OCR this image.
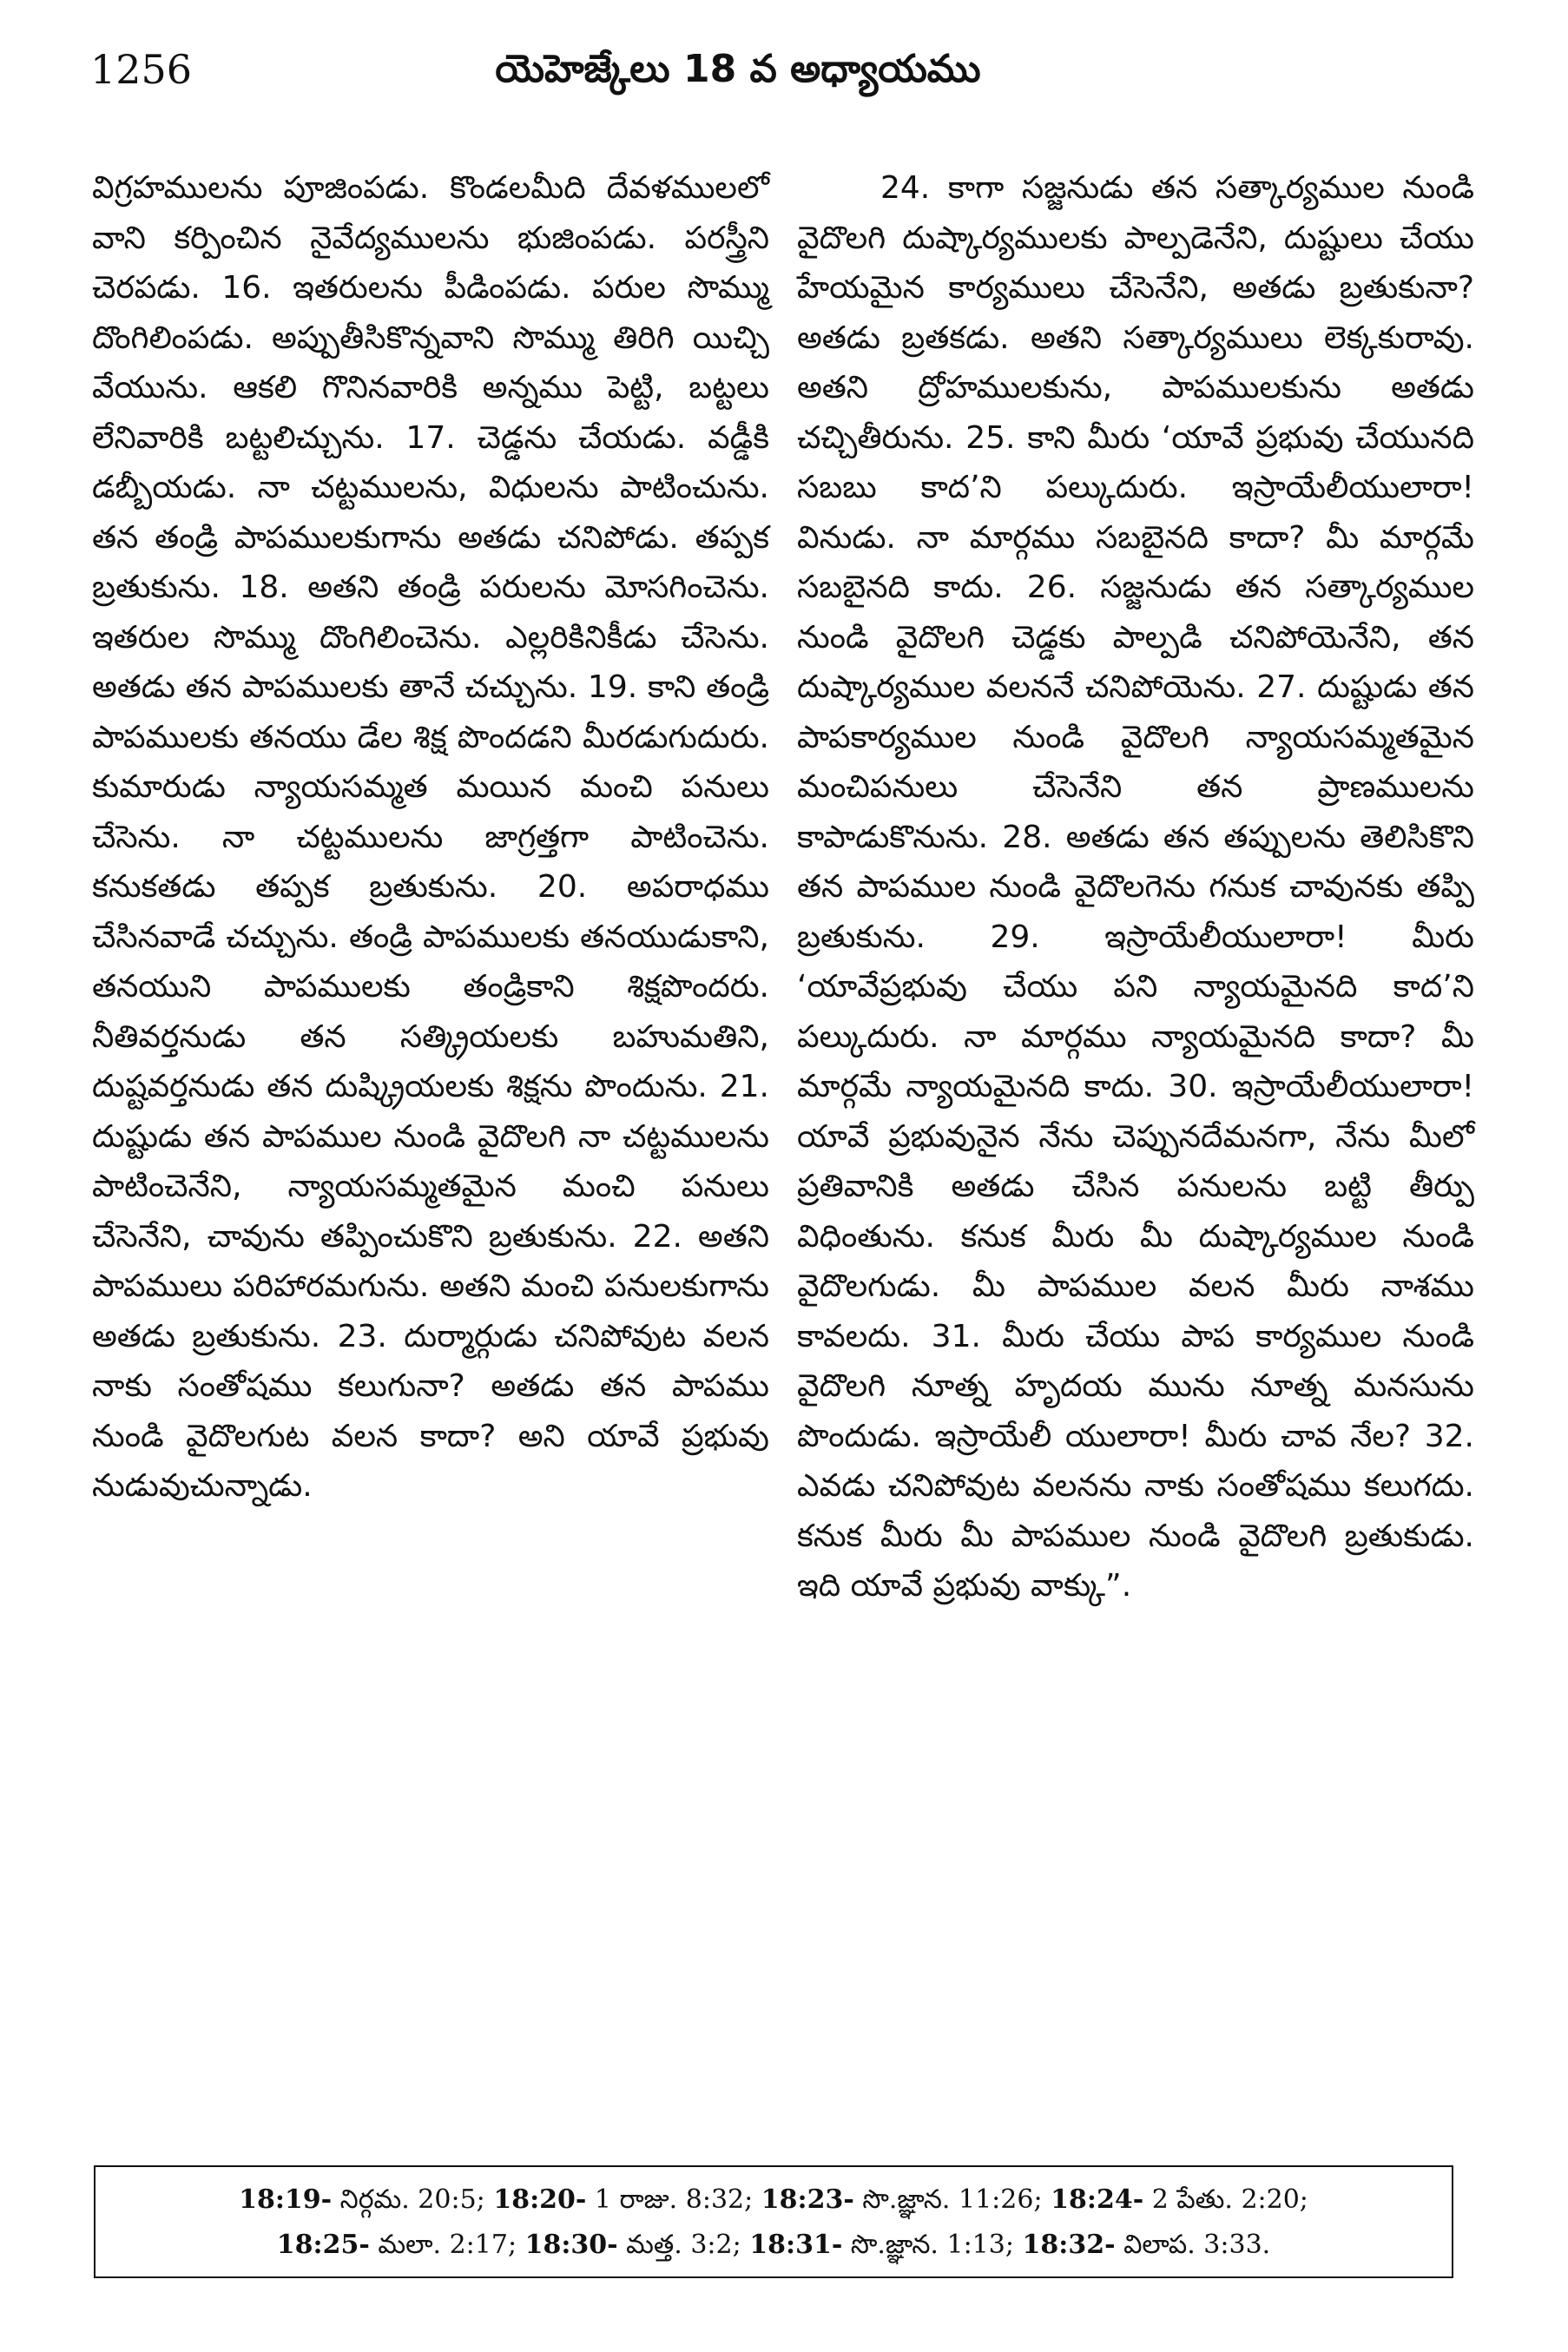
1256	యెహెజ్కేలు 18 వ అధ్యాయము
విగ్రహములను పూజింపడు. కొండలమీది దేవళములలో వాని కర్పించిన నైవేద్యములను భుజింపడు. పరస్త్రీని చెరపడు. 16. ఇతరులను పీడింపడు. పరుల సొమ్ము దొంగిలింపడు. అప్పుతీసికొన్నవాని సొమ్ము తిరిగి యిచ్చి వేయును. ఆకలి గొనినవారికి అన్నము పెట్టి, బట్టలు లేనివారికి బట్టలిచ్చును. 17. చెడ్డను చేయడు. వడ్డీకి డబ్బీయడు. నా చట్టములను, విధులను పాటించును. తన తండ్రి పాపములకుగాను అతడు చనిపోడు. తప్పక బ్రతుకును. 18. అతని తండ్రి పరులను మోసగించెను. ఇతరుల సొమ్ము దొంగిలించెను. ఎల్లరికినికీడు చేసెను. అతడు తన పాపములకు తానే చచ్చును. 19. కాని తండ్రి పాపములకు తనయు డేల శిక్ష పొందడని మీరడుగుదురు. కుమారుడు న్యాయసమ్మత మయిన మంచి పనులు చేసెను. నా చట్టములను జాగ్రత్తగా పాటించెను. కనుకతడు తప్పక బ్రతుకును. 20. అపరాధము చేసినవాడే చచ్చును. తండ్రి పాపములకు తనయుడుకాని, తనయుని పాపములకు తండ్రికాని శిక్షపొందరు. నీతివర్తనుడు తన సత్క్రియలకు బహుమతిని, దుష్టవర్తనుడు తన దుష్క్రియలకు శిక్షను పొందును. 21. దుష్టుడు తన పాపముల నుండి వైదొలగి నా చట్టములను పాటించెనేని, న్యాయసమ్మతమైన మంచి పనులు చేసెనేని, చావును తప్పించుకొని బ్రతుకును. 22. అతని పాపములు పరిహారమగును. అతని మంచి పనులకుగాను అతడు బ్రతుకును. 23. దుర్మార్గుడు చనిపోవుట వలన నాకు సంతోషము కలుగునా? అతడు తన పాపము నుండి వైదొలగుట వలన కాదా? అని యావే ప్రభువు నుడువుచున్నాడు.
24. కాగా సజ్జనుడు తన సత్కార్యముల నుండి వైదొలగి దుష్కార్యములకు పాల్పడెనేని, దుష్టులు చేయు హేయమైన కార్యములు చేసెనేని, అతడు బ్రతుకునా? అతడు బ్రతకడు. అతని సత్కార్యములు లెక్కకురావు. అతని ద్రోహములకును, పాపములకును అతడు చచ్చితీరును. 25. కాని మీరు ‘యావే ప్రభువు చేయునది సబబు కాద’ని పల్కుదురు. ఇస్రాయేలీయులారా! వినుడు. నా మార్గము సబబైనది కాదా? మీ మార్గమే సబబైనది కాదు. 26. సజ్జనుడు తన సత్కార్యముల నుండి వైదొలగి చెడ్డకు పాల్పడి చనిపోయెనేని, తన దుష్కార్యముల వలననే చనిపోయెను. 27. దుష్టుడు తన పాపకార్యముల నుండి వైదొలగి న్యాయసమ్మతమైన మంచిపనులు చేసెనేని తన ప్రాణములను కాపాడుకొనును. 28. అతడు తన తప్పులను తెలిసికొని తన పాపముల నుండి వైదొలగెను గనుక చావునకు తప్పి బ్రతుకును. 29. ఇస్రాయేలీయులారా! మీరు ‘యావేప్రభువు చేయు పని న్యాయమైనది కాద’ని పల్కుదురు. నా మార్గము న్యాయమైనది కాదా? మీ మార్గమే న్యాయమైనది కాదు. 30. ఇస్రాయేలీయులారా! యావే ప్రభువునైన నేను చెప్పునదేమనగా, నేను మీలో ప్రతివానికి అతడు చేసిన పనులను బట్టి తీర్పు విధింతును. కనుక మీరు మీ దుష్కార్యముల నుండి వైదొలగుడు. మీ పాపముల వలన మీరు నాశము కావలదు. 31. మీరు చేయు పాప కార్యముల నుండి వైదొలగి నూత్న హృదయ మును నూత్న మనసును పొందుడు. ఇస్రాయేలీ యులారా! మీరు చావ నేల? 32. ఎవడు చనిపోవుట వలనను నాకు సంతోషము కలుగదు. కనుక మీరు మీ పాపముల నుండి వైదొలగి బ్రతుకుడు. ఇది యావే ప్రభువు వాక్కు”.
18:19- నిర్గమ. 20:5; 18:20- 1 రాజు. 8:32; 18:23- సొ.జ్ఞాన. 11:26; 18:24- 2 పేతు. 2:20;
18:25- మలా. 2:17; 18:30- మత్త. 3:2; 18:31- సొ.జ్ఞాన. 1:13; 18:32- విలాప. 3:33.
